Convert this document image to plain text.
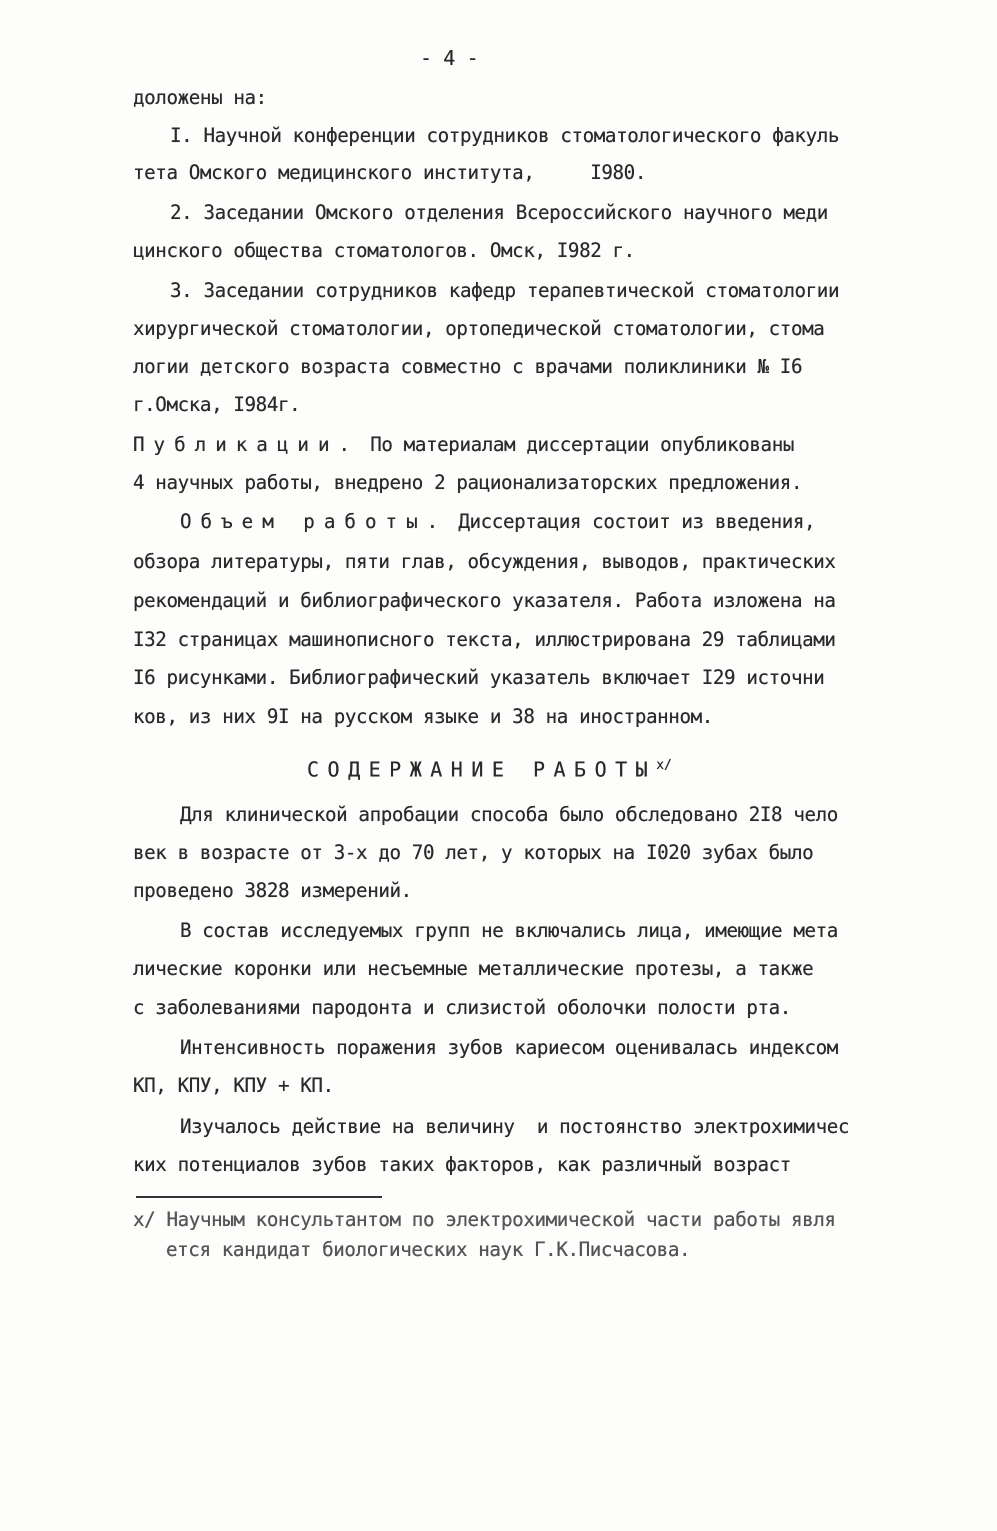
- 4 -
доложены на:
I. Научной конференции сотрудников стоматологического факуль
тета Омского медицинского института,     I980.
2. Заседании Омского отделения Всероссийского научного меди
цинского общества стоматологов. Омск, I982 г.
3. Заседании сотрудников кафедр терапевтической стоматологии
хирургической стоматологии, ортопедической стоматологии, стома
логии детского возраста совместно с врачами поликлиники № I6
г.Омска, I984г.
Публикации. По материалам диссертации опубликованы
4 научных работы, внедрено 2 рационализаторских предложения.
Объем работы. Диссертация состоит из введения,
обзора литературы, пяти глав, обсуждения, выводов, практических
рекомендаций и библиографического указателя. Работа изложена на
I32 страницах машинописного текста, иллюстрирована 29 таблицами
I6 рисунками. Библиографический указатель включает I29 источни
ков, из них 9I на русском языке и 38 на иностранном.
СОДЕРЖАНИЕ $РАБОТЫ^{x/}$
Для клинической апробации способа было обследовано 2I8 чело
век в возрасте от 3-х до 70 лет, у которых на I020 зубах было
проведено 3828 измерений.
В состав исследуемых групп не включались лица, имеющие мета
лические коронки или несъемные металлические протезы, а также
с заболеваниями пародонта и слизистой оболочки полости рта.
Интенсивность поражения зубов кариесом оценивалась индексом
КП, КПУ, КПУ + КП.
Изучалось действие на величину  и постоянство электрохимичес
ких потенциалов зубов таких факторов, как различный возраст
x/ Научным консультантом по электрохимической части работы явля
ется кандидат биологических наук Г.К.Писчасова.
